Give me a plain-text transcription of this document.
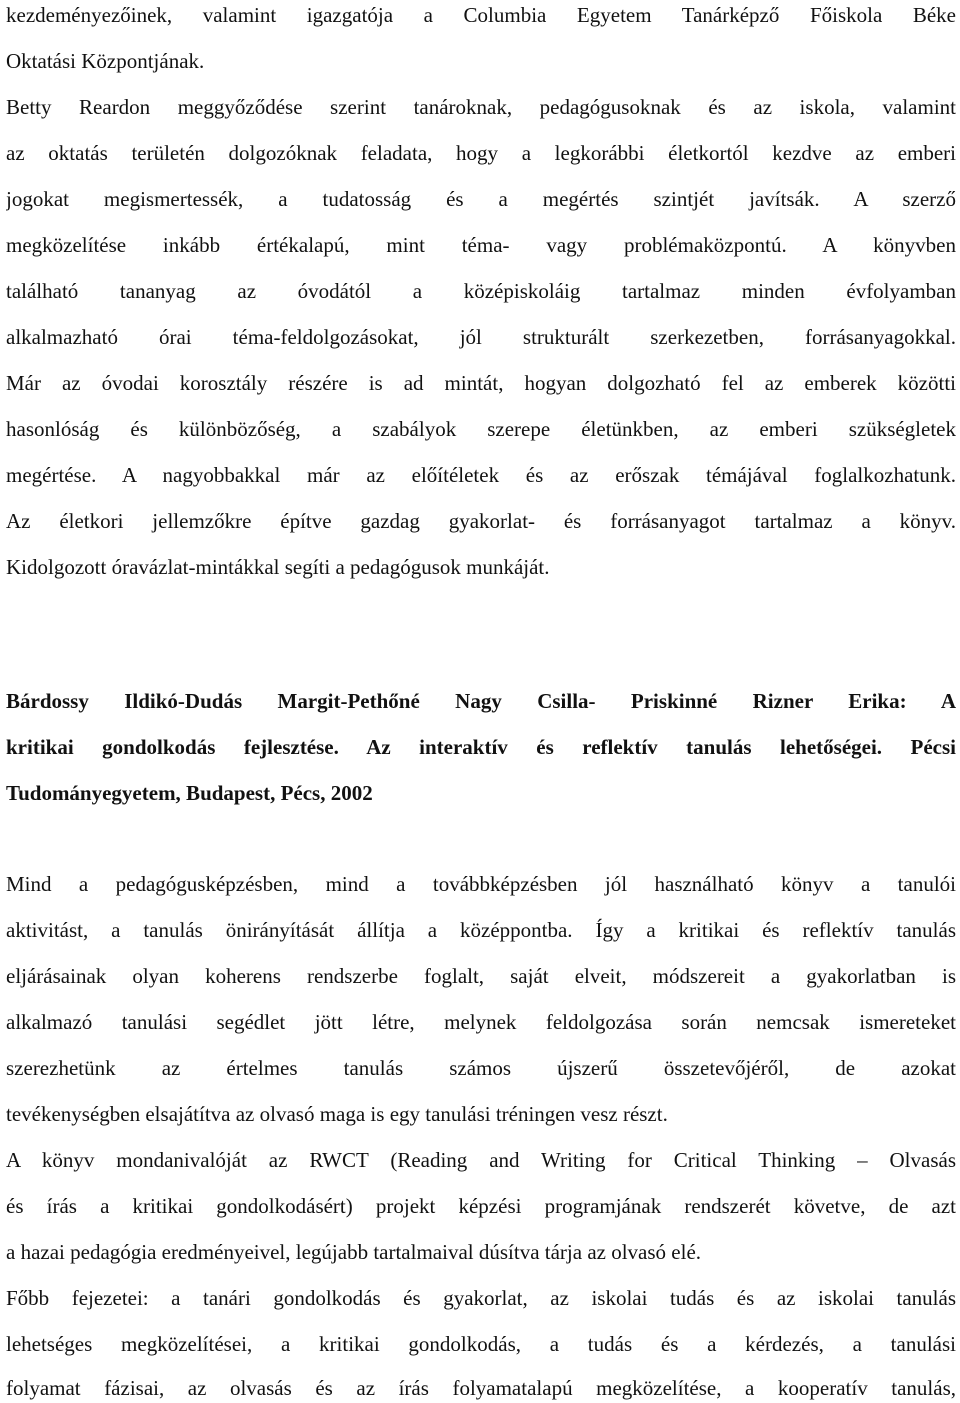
kezdeményezőinek, valamint igazgatója a Columbia Egyetem Tanárképző Főiskola Béke
Oktatási Központjának.
Betty Reardon meggyőződése szerint tanároknak, pedagógusoknak és az iskola, valamint
az oktatás területén dolgozóknak feladata, hogy a legkorábbi életkortól kezdve az emberi
jogokat megismertessék, a tudatosság és a megértés szintjét javítsák. A szerző
megközelítése inkább értékalapú, mint téma- vagy problémaközpontú. A könyvben
található tananyag az óvodától a középiskoláig tartalmaz minden évfolyamban
alkalmazható órai téma-feldolgozásokat, jól strukturált szerkezetben, forrásanyagokkal.
Már az óvodai korosztály részére is ad mintát, hogyan dolgozható fel az emberek közötti
hasonlóság és különbözőség, a szabályok szerepe életünkben, az emberi szükségletek
megértése. A nagyobbakkal már az előítéletek és az erőszak témájával foglalkozhatunk.
Az életkori jellemzőkre építve gazdag gyakorlat- és forrásanyagot tartalmaz a könyv.
Kidolgozott óravázlat-mintákkal segíti a pedagógusok munkáját.
Bárdossy Ildikó-Dudás Margit-Pethőné Nagy Csilla- Priskinné Rizner Erika: A
kritikai gondolkodás fejlesztése. Az interaktív és reflektív tanulás lehetőségei. Pécsi
Tudományegyetem, Budapest, Pécs, 2002
Mind a pedagógusképzésben, mind a továbbképzésben jól használható könyv a tanulói
aktivitást, a tanulás önirányítását állítja a középpontba. Így a kritikai és reflektív tanulás
eljárásainak olyan koherens rendszerbe foglalt, saját elveit, módszereit a gyakorlatban is
alkalmazó tanulási segédlet jött létre, melynek feldolgozása során nemcsak ismereteket
szerezhetünk az értelmes tanulás számos újszerű összetevőjéről, de azokat
tevékenységben elsajátítva az olvasó maga is egy tanulási tréningen vesz részt.
A könyv mondanivalóját az RWCT (Reading and Writing for Critical Thinking – Olvasás
és írás a kritikai gondolkodásért) projekt képzési programjának rendszerét követve, de azt
a hazai pedagógia eredményeivel, legújabb tartalmaival dúsítva tárja az olvasó elé.
Főbb fejezetei: a tanári gondolkodás és gyakorlat, az iskolai tudás és az iskolai tanulás
lehetséges megközelítései, a kritikai gondolkodás, a tudás és a kérdezés, a tanulási
folyamat fázisai, az olvasás és az írás folyamatalapú megközelítése, a kooperatív tanulás,
